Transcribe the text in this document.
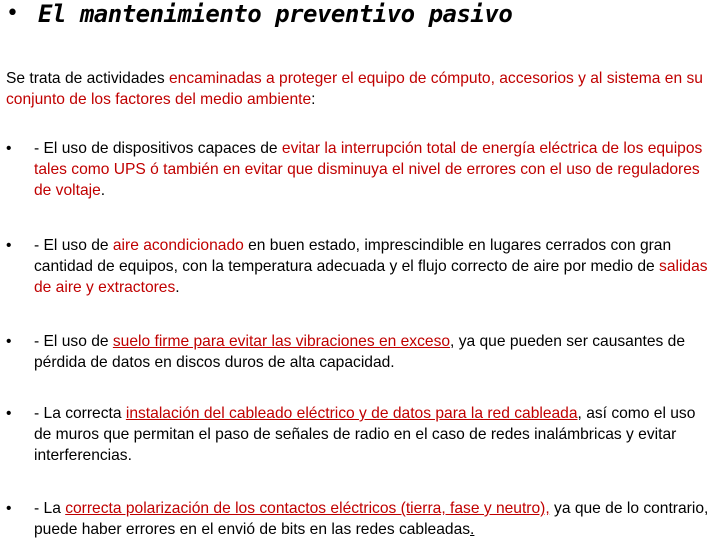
• El mantenimiento preventivo pasivo
Se trata de actividades encaminadas a proteger el equipo de cómputo, accesorios y al sistema en su conjunto de los factores del medio ambiente:
•	- El uso de dispositivos capaces de evitar la interrupción total de energía eléctrica de los equipos tales como UPS ó también en evitar que disminuya el nivel de errores con el uso de reguladores de voltaje.
•	- El uso de aire acondicionado en buen estado, imprescindible en lugares cerrados con gran cantidad de equipos, con la temperatura adecuada y el flujo correcto de aire por medio de salidas de aire y extractores.
•	- El uso de suelo firme para evitar las vibraciones en exceso, ya que pueden ser causantes de pérdida de datos en discos duros de alta capacidad.
•	- La correcta instalación del cableado eléctrico y de datos para la red cableada, así como el uso de muros que permitan el paso de señales de radio en el caso de redes inalámbricas y evitar interferencias.
•	- La correcta polarización de los contactos eléctricos (tierra, fase y neutro), ya que de lo contrario, puede haber errores en el envió de bits en las redes cableadas.
